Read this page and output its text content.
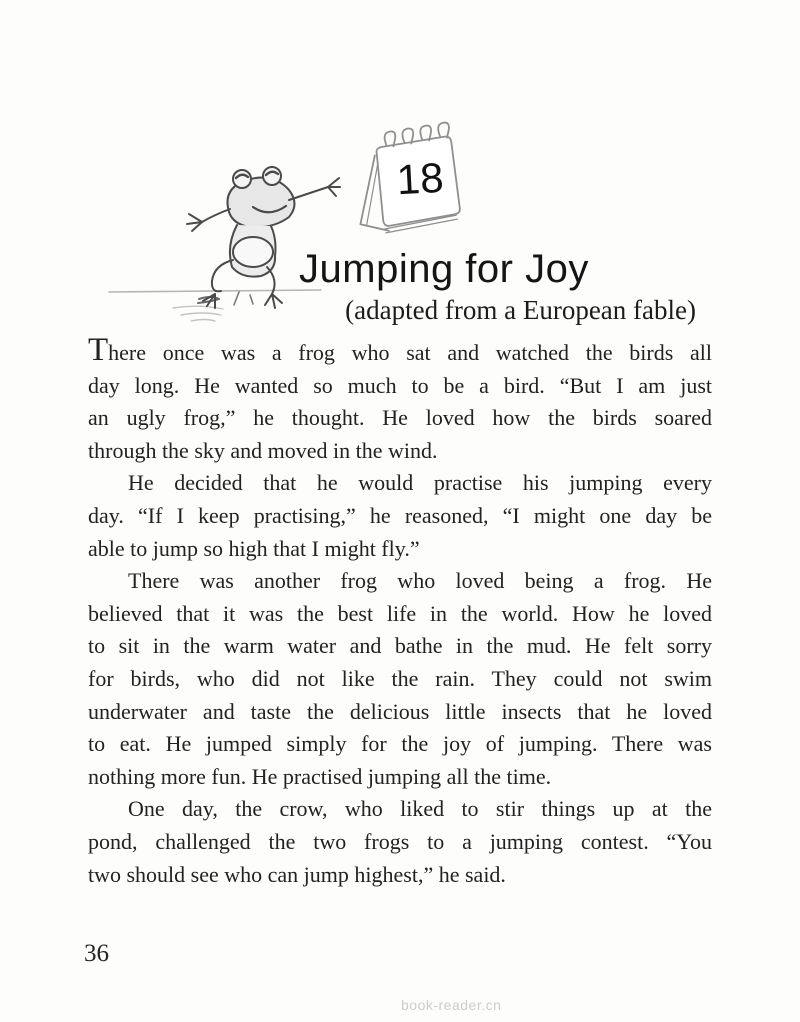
18
Jumping for Joy
(adapted from a European fable)
There once was a frog who sat and watched the birds all
day long. He wanted so much to be a bird. “But I am just
an ugly frog,” he thought. He loved how the birds soared
through the sky and moved in the wind.
He decided that he would practise his jumping every
day. “If I keep practising,” he reasoned, “I might one day be
able to jump so high that I might fly.”
There was another frog who loved being a frog. He
believed that it was the best life in the world. How he loved
to sit in the warm water and bathe in the mud. He felt sorry
for birds, who did not like the rain. They could not swim
underwater and taste the delicious little insects that he loved
to eat. He jumped simply for the joy of jumping. There was
nothing more fun. He practised jumping all the time.
One day, the crow, who liked to stir things up at the
pond, challenged the two frogs to a jumping contest. “You
two should see who can jump highest,” he said.
36
book-reader.cn
